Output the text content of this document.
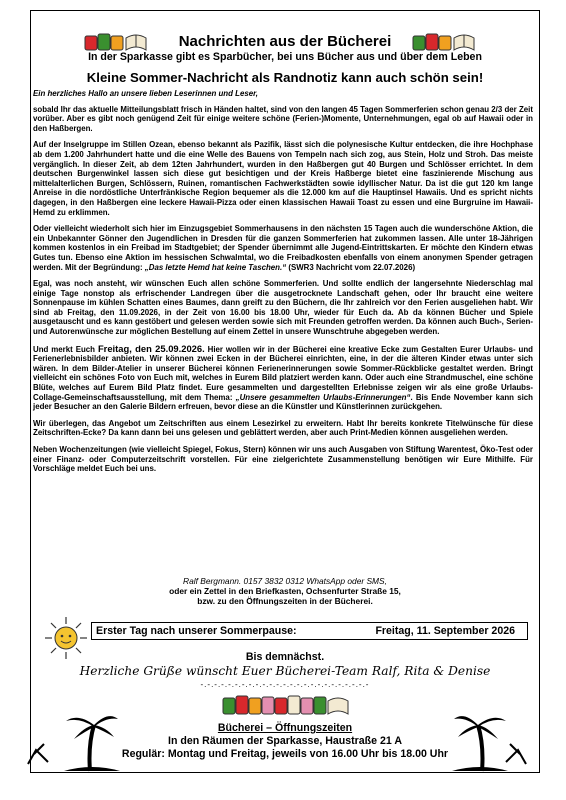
Nachrichten aus der Bücherei
In der Sparkasse gibt es Sparbücher, bei uns Bücher aus und über dem Leben
Kleine Sommer-Nachricht als Randnotiz kann auch schön sein!

Ein herzliches Hallo an unsere lieben Leserinnen und Leser,

sobald Ihr das aktuelle Mitteilungsblatt frisch in Händen haltet, sind von den langen 45 Tagen Sommerferien schon genau 2/3 der Zeit vorüber. Aber es gibt noch genügend Zeit für einige weitere schöne (Ferien-)Momente, Unternehmungen, egal ob auf Hawaii oder in den Haßbergen.

Auf der Inselgruppe im Stillen Ozean, ebenso bekannt als Pazifik, lässt sich die polynesische Kultur entdecken, die ihre Hochphase ab dem 1.200 Jahrhundert hatte und die eine Welle des Bauens von Tempeln nach sich zog, aus Stein, Holz und Stroh. Das meiste vergänglich. In dieser Zeit, ab dem 12ten Jahrhundert, wurden in den Haßbergen gut 40 Burgen und Schlösser errichtet. In dem deutschen Burgenwinkel lassen sich diese gut besichtigen und der Kreis Haßberge bietet eine faszinierende Mischung aus mittelalterlichen Burgen, Schlössern, Ruinen, romantischen Fachwerkstädten sowie idyllischer Natur. Da ist die gut 120 km lange Anreise in die nordöstliche Unterfränkische Region bequemer als die 12.000 km auf die Hauptinsel Hawaiis. Und es spricht nichts dagegen, in den Haßbergen eine leckere Hawaii-Pizza oder einen klassischen Hawaii Toast zu essen und eine Burgruine im Hawaii-Hemd zu erklimmen.

Oder vielleicht wiederholt sich hier im Einzugsgebiet Sommerhausens in den nächsten 15 Tagen auch die wunderschöne Aktion, die ein Unbekannter Gönner den Jugendlichen in Dresden für die ganzen Sommerferien hat zukommen lassen. Alle unter 18-Jährigen kommen kostenlos in ein Freibad im Stadtgebiet; der Spender übernimmt alle Jugend-Eintrittskarten. Er möchte den Kindern etwas Gutes tun. Ebenso eine Aktion im hessischen Schwalmtal, wo die Freibadkosten ebenfalls von einem anonymen Spender getragen werden. Mit der Begründung: „Das letzte Hemd hat keine Taschen.“ (SWR3 Nachricht vom 22.07.2026)

Egal, was noch ansteht, wir wünschen Euch allen schöne Sommerferien. Und sollte endlich der langersehnte Niederschlag mal einige Tage nonstop als erfrischender Landregen über die ausgetrocknete Landschaft gehen, oder Ihr braucht eine weitere Sonnenpause im kühlen Schatten eines Baumes, dann greift zu den Büchern, die Ihr zahlreich vor den Ferien ausgeliehen habt. Wir sind ab Freitag, den 11.09.2026, in der Zeit von 16.00 bis 18.00 Uhr, wieder für Euch da. Ab da können Bücher und Spiele ausgetauscht und es kann gestöbert und gelesen werden sowie sich mit Freunden getroffen werden. Da können auch Buch-, Serien- und Autorenwünsche zur möglichen Bestellung auf einem Zettel in unsere Wunschtruhe abgegeben werden.

Und merkt Euch Freitag, den 25.09.2026. Hier wollen wir in der Bücherei eine kreative Ecke zum Gestalten Eurer Urlaubs- und Ferienerlebnisbilder anbieten. Wir können zwei Ecken in der Bücherei einrichten, eine, in der die älteren Kinder etwas unter sich wären. In dem Bilder-Atelier in unserer Bücherei können Ferienerinnerungen sowie Sommer-Rückblicke gestaltet werden. Bringt vielleicht ein schönes Foto von Euch mit, welches in Eurem Bild platziert werden kann. Oder auch eine Strandmuschel, eine schöne Blüte, welches auf Eurem Bild Platz findet. Eure gesammelten und dargestellten Erlebnisse zeigen wir als eine große Urlaubs-Collage-Gemeinschaftsausstellung, mit dem Thema: „Unsere gesammelten Urlaubs-Erinnerungen“. Bis Ende November kann sich jeder Besucher an den Galerie Bildern erfreuen, bevor diese an die Künstler und Künstlerinnen zurückgehen.

Wir überlegen, das Angebot um Zeitschriften aus einem Lesezirkel zu erweitern. Habt Ihr bereits konkrete Titelwünsche für diese Zeitschriften-Ecke? Da kann dann bei uns gelesen und geblättert werden, aber auch Print-Medien können ausgeliehen werden.

Neben Wochenzeitungen (wie vielleicht Spiegel, Fokus, Stern) können wir uns auch Ausgaben von Stiftung Warentest, Öko-Test oder einer Finanz- oder Computerzeitschrift vorstellen. Für eine zielgerichtete Zusammenstellung benötigen wir Eure Mithilfe. Für Vorschläge meldet Euch bei uns.

Ralf Bergmann. 0157 3832 0312 WhatsApp oder SMS,
oder ein Zettel in den Briefkasten, Ochsenfurter Straße 15,
bzw. zu den Öffnungszeiten in der Bücherei.
Erster Tag nach unserer Sommerpause:	Freitag, 11. September 2026
Bis demnächst.
Herzliche Grüße wünscht Euer Bücherei-Team Ralf, Rita & Denise
-.-.-.-.-.-.-.-.-.-.-.-.-.-.-.-.-.-.-.-.-.-.-.-.-
Bücherei – Öffnungszeiten
In den Räumen der Sparkasse, Haustraße 21 A
Regulär: Montag und Freitag, jeweils von 16.00 Uhr bis 18.00 Uhr
